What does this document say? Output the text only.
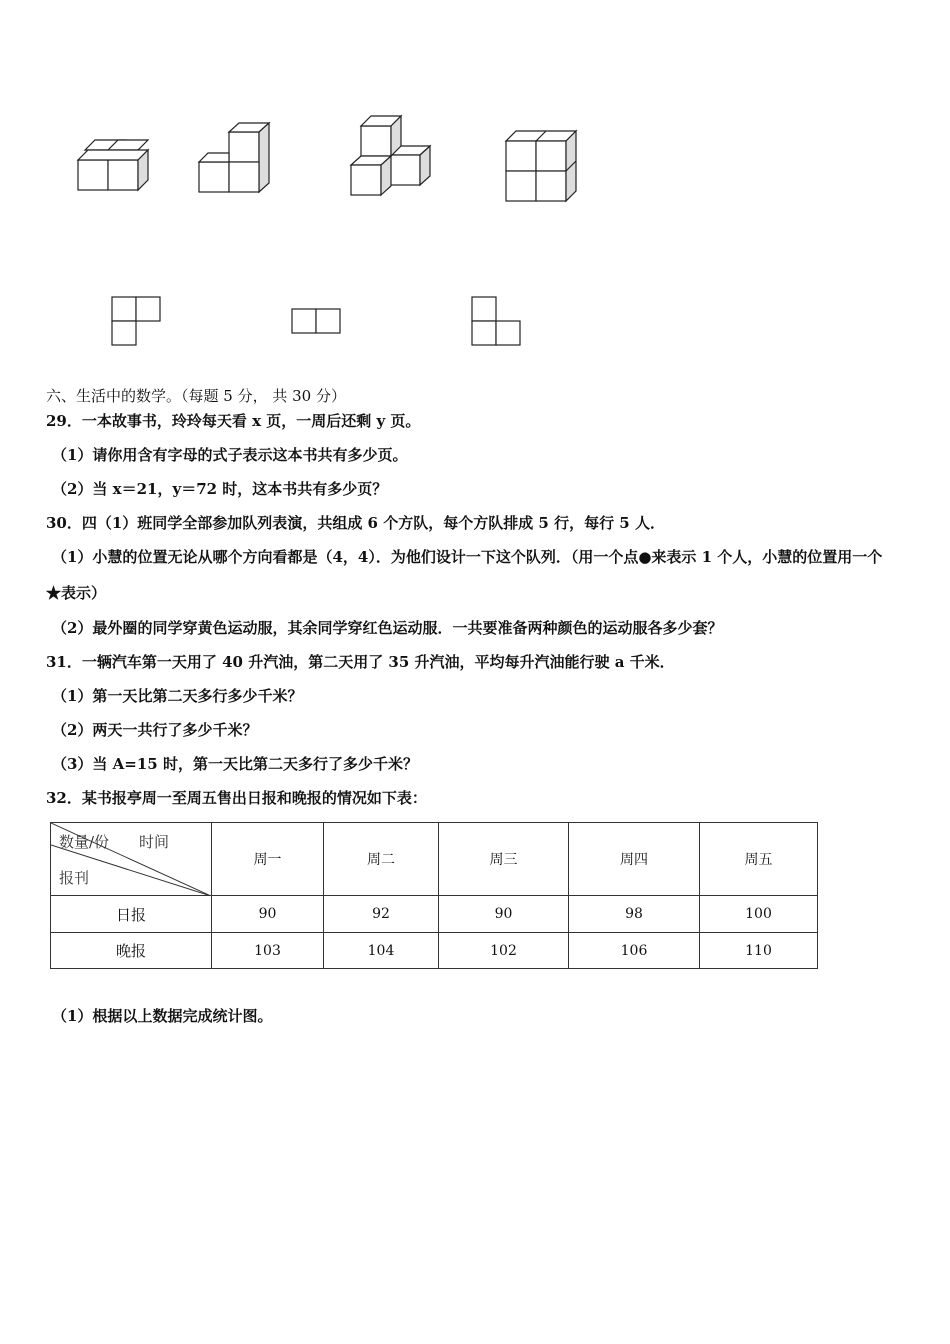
六、生活中的数学。（每题 5 分， 共 30 分）
29．一本故事书，玲玲每天看 x 页，一周后还剩 y 页。
（1）请你用含有字母的式子表示这本书共有多少页。
（2）当 x＝21，y＝72 时，这本书共有多少页？
30．四（1）班同学全部参加队列表演，共组成 6 个方队，每个方队排成 5 行，每行 5 人．
（1）小慧的位置无论从哪个方向看都是（4，4）．为他们设计一下这个队列．（用一个点●来表示 1 个人，小慧的位置用一个★表示）
（2）最外圈的同学穿黄色运动服，其余同学穿红色运动服．一共要准备两种颜色的运动服各多少套？
31．一辆汽车第一天用了 40 升汽油，第二天用了 35 升汽油，平均每升汽油能行驶 a 千米．
（1）第一天比第二天多行多少千米？
（2）两天一共行了多少千米？
（3）当 A=15 时，第一天比第二天多行了多少千米？
32．某书报亭周一至周五售出日报和晚报的情况如下表：
数量/份 时间
报刊	周一	周二	周三	周四	周五
日报	90	92	90	98	100
晚报	103	104	102	106	110
（1）根据以上数据完成统计图。
